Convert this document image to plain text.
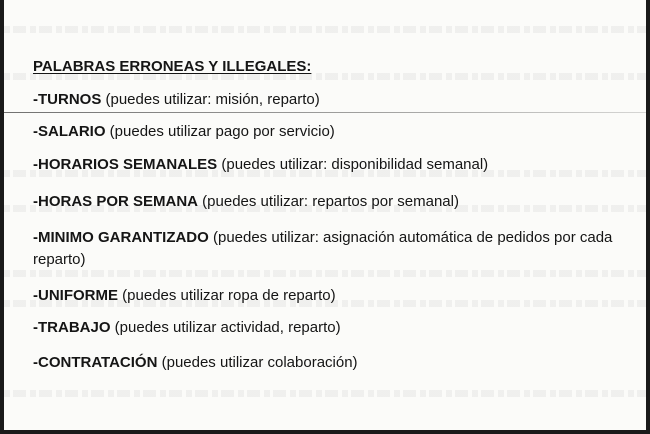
PALABRAS ERRONEAS Y ILLEGALES:

-TURNOS (puedes utilizar: misión, reparto)

-SALARIO (puedes utilizar pago por servicio)

-HORARIOS SEMANALES (puedes utilizar: disponibilidad semanal)

-HORAS POR SEMANA (puedes utilizar: repartos por semanal)

-MINIMO GARANTIZADO (puedes utilizar: asignación automática de pedidos por cada reparto)

-UNIFORME (puedes utilizar ropa de reparto)

-TRABAJO (puedes utilizar actividad, reparto)

-CONTRATACIÓN (puedes utilizar colaboración)
